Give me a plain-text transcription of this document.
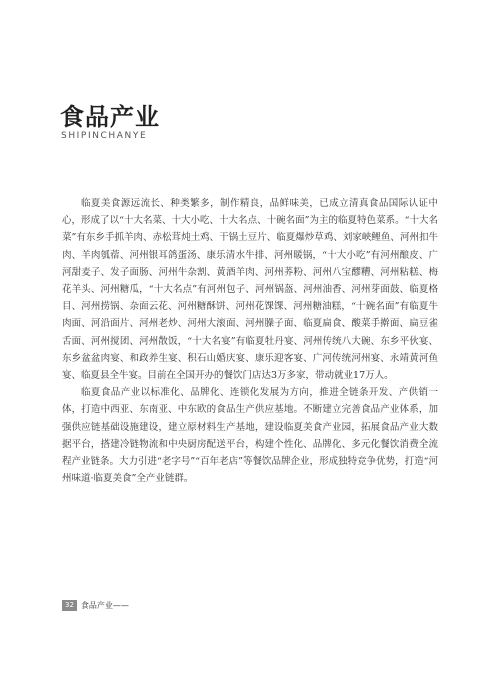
食品产业
SHIPINCHANYE

临夏美食源远流长、种类繁多，制作精良，品鲜味美，已成立清真食品国际认证中心，形成了以“十大名菜、十大小吃、十大名点、十碗名面”为主的临夏特色菜系。“十大名菜”有东乡手抓羊肉、赤松茸炖土鸡、干锅土豆片、临夏爆炒草鸡、刘家峡鲤鱼、河州扣牛肉、羊肉瓠蓿、河州银耳鸽蛋汤、康乐清水牛排、河州暖锅，“十大小吃”有河州酿皮、广河甜麦子、发子面肠、河州牛杂割、黄酒羊肉、河州荞粉、河州八宝醪糟、河州粘糕、梅花羊头、河州糖瓜，“十大名点”有河州包子、河州锅盔、河州油香、河州芽面鼓、临夏格目、河州捞锅、杂面云花、河州糖酥饼、河州花馃馃、河州糖油糕，“十碗名面”有临夏牛肉面、河沿面片、河州老炒、河州大滚面、河州臊子面、临夏扁食、酸菜手擀面、扁豆雀舌面、河州搅团、河州散饭，“十大名宴”有临夏牡丹宴、河州传统八大碗、东乡平伙宴、东乡盆盆肉宴、和政养生宴、积石山婚庆宴、康乐迎客宴、广河传统河州宴、永靖黄河鱼宴、临夏县全牛宴。目前在全国开办的餐饮门店达3万多家，带动就业17万人。

临夏食品产业以标准化、品牌化、连锁化发展为方向，推进全链条开发、产供销一体，打造中西亚、东南亚、中东欧的食品生产供应基地。不断建立完善食品产业体系，加强供应链基础设施建设，建立原材料生产基地，建设临夏美食产业园，拓展食品产业大数据平台，搭建冷链物流和中央厨房配送平台，构建个性化、品牌化、多元化餐饮消费全流程产业链条。大力引进“老字号”“百年老店”等餐饮品牌企业，形成独特竞争优势，打造“河州味道·临夏美食”全产业链群。

32 食品产业——
